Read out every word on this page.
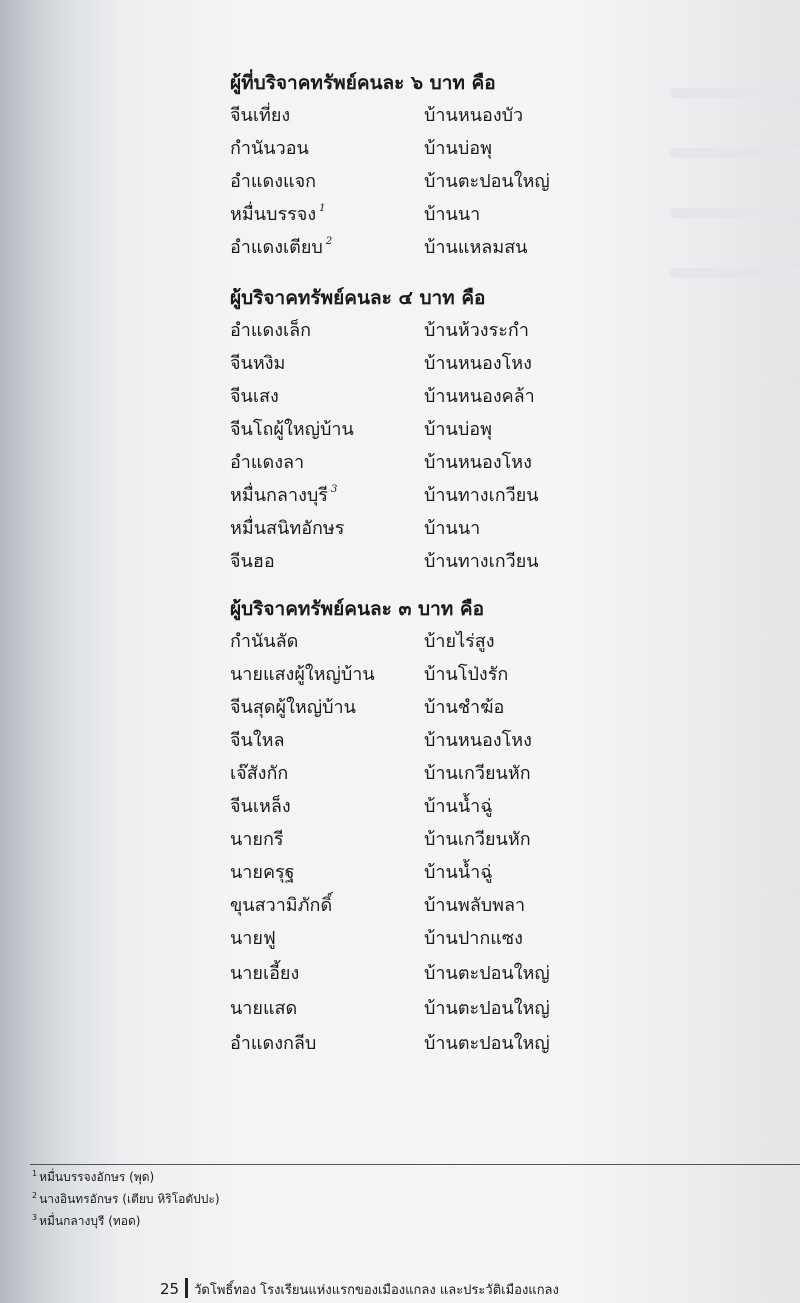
ผู้ที่บริจาคทรัพย์คนละ ๖ บาท คือ
จีนเที่ยง	บ้านหนองบัว
กำนันวอน	บ้านบ่อพุ
อำแดงแจก	บ้านตะปอนใหญ่
หมื่นบรรจง $^1$	บ้านนา
อำแดงเตียบ $^2$	บ้านแหลมสน
ผู้บริจาคทรัพย์คนละ ๔ บาท คือ
อำแดงเล็ก	บ้านห้วงระกำ
จีนหงิม	บ้านหนองโหง
จีนเสง	บ้านหนองคล้า
จีนโถผู้ใหญ่บ้าน	บ้านบ่อพุ
อำแดงลา	บ้านหนองโหง
หมื่นกลางบุรี $^3$	บ้านทางเกวียน
หมื่นสนิทอักษร	บ้านนา
จีนฮอ	บ้านทางเกวียน
ผู้บริจาคทรัพย์คนละ ๓ บาท คือ
กำนันลัด	บ้ายไร่สูง
นายแสงผู้ใหญ่บ้าน	บ้านโป่งรัก
จีนสุดผู้ใหญ่บ้าน	บ้านชำฆ้อ
จีนใหล	บ้านหนองโหง
เจ๊สังกัก	บ้านเกวียนหัก
จีนเหล็ง	บ้านน้ำฉู่
นายกรี	บ้านเกวียนหัก
นายครุฐ	บ้านน้ำฉู่
ขุนสวามิภักดิ์	บ้านพลับพลา
นายฟู	บ้านปากแซง
นายเอี้ยง	บ้านตะปอนใหญ่
นายแสด	บ้านตะปอนใหญ่
อำแดงกลีบ	บ้านตะปอนใหญ่
$^1$ หมื่นบรรจงอักษร (พุด)
$^2$ นางอินทรอักษร (เตียบ หิริโอตัปปะ)
$^3$ หมื่นกลางบุรี (ทอด)
25 วัดโพธิ์ทอง โรงเรียนแห่งแรกของเมืองแกลง และประวัติเมืองแกลง
